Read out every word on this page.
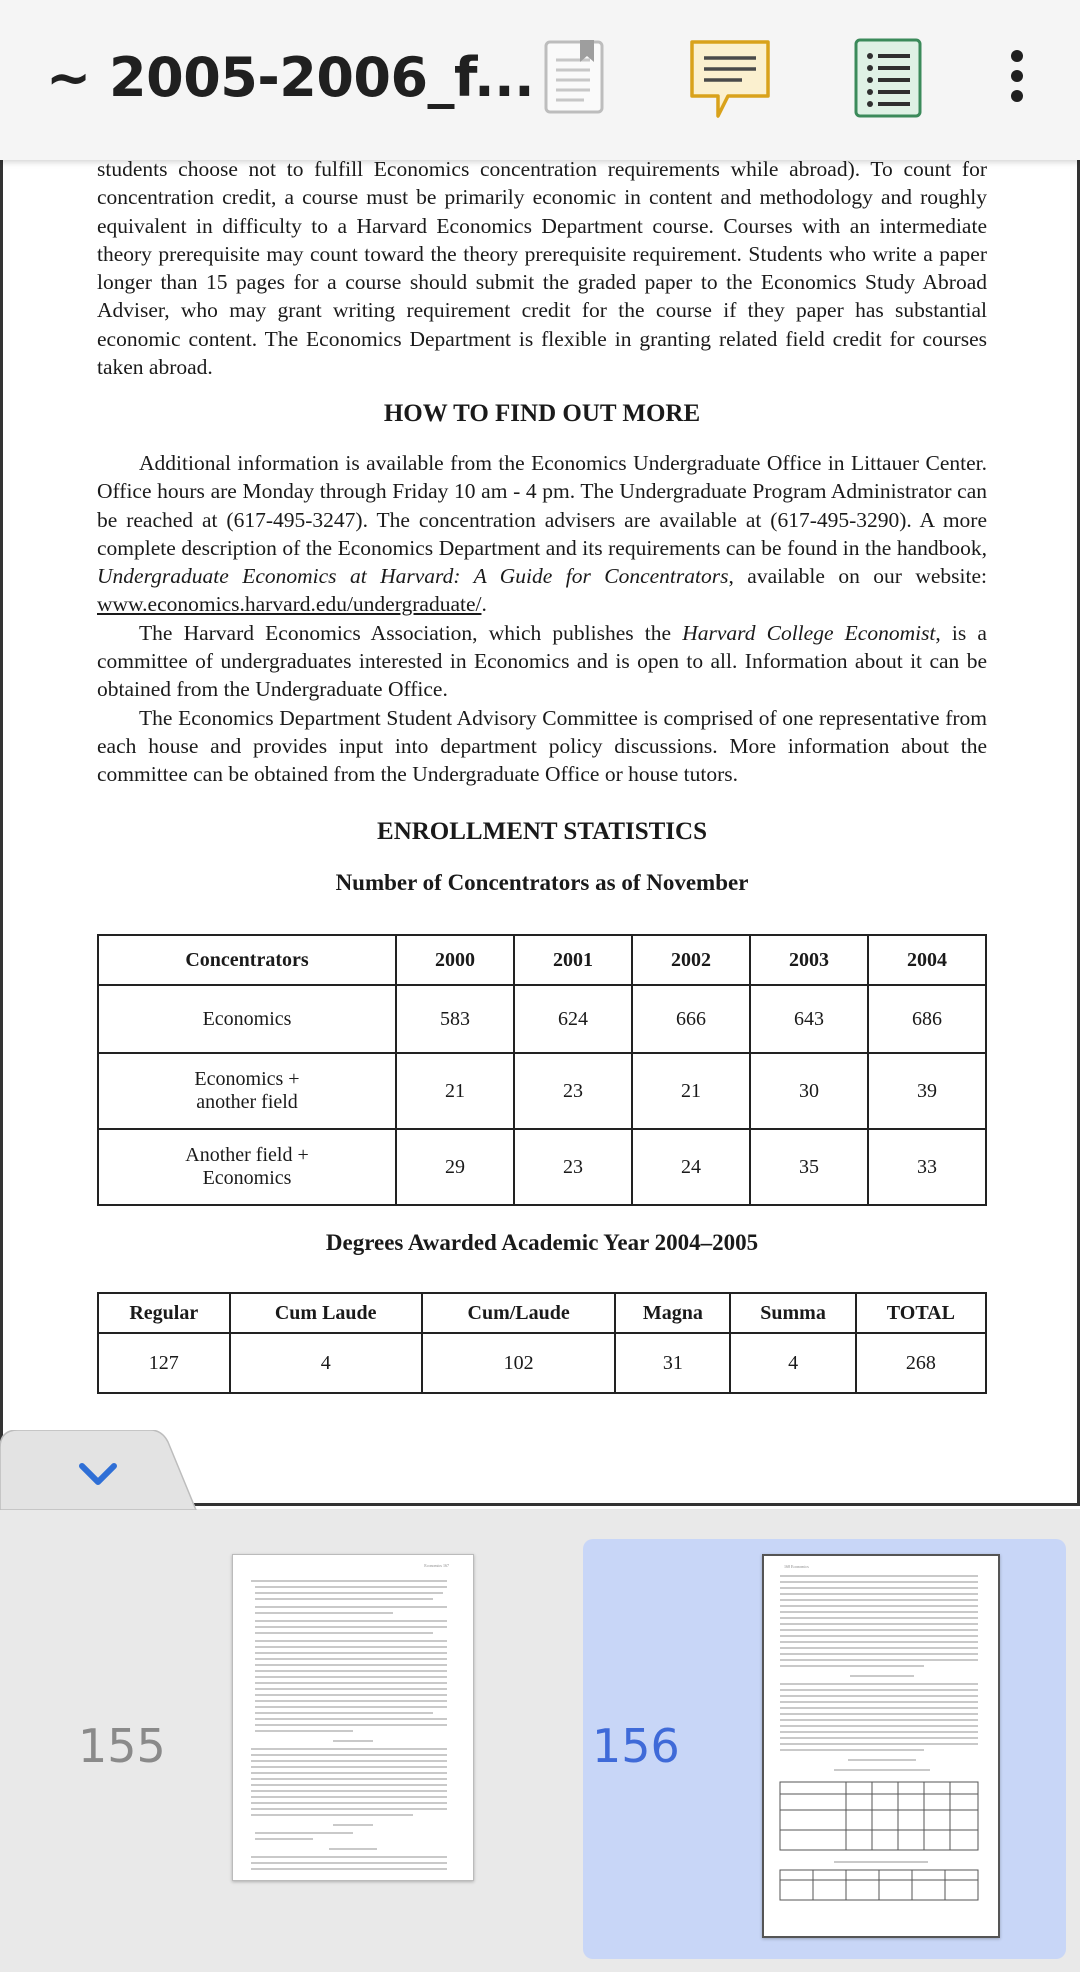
~ 2005-2006_f...

students choose not to fulfill Economics concentration requirements while abroad). To count for concentration credit, a course must be primarily economic in content and methodology and roughly equivalent in difficulty to a Harvard Economics Department course. Courses with an intermediate theory prerequisite may count toward the theory prerequisite requirement. Students who write a paper longer than 15 pages for a course should submit the graded paper to the Economics Study Abroad Adviser, who may grant writing requirement credit for the course if they paper has substantial economic content. The Economics Department is flexible in granting related field credit for courses taken abroad.

HOW TO FIND OUT MORE

Additional information is available from the Economics Undergraduate Office in Littauer Center. Office hours are Monday through Friday 10 am - 4 pm. The Undergraduate Program Administrator can be reached at (617-495-3247). The concentration advisers are available at (617-495-3290). A more complete description of the Economics Department and its requirements can be found in the handbook, Undergraduate Economics at Harvard: A Guide for Concentrators, available on our website: www.economics.harvard.edu/undergraduate/.

The Harvard Economics Association, which publishes the Harvard College Economist, is a committee of undergraduates interested in Economics and is open to all. Information about it can be obtained from the Undergraduate Office.

The Economics Department Student Advisory Committee is comprised of one representative from each house and provides input into department policy discussions. More information about the committee can be obtained from the Undergraduate Office or house tutors.

ENROLLMENT STATISTICS
Number of Concentrators as of November
Concentrators	2000	2001	2002	2003	2004
Economics	583	624	666	643	686
Economics +
another field	21	23	21	30	39
Another field +
Economics	29	23	24	35	33
Degrees Awarded Academic Year 2004–2005
Regular	Cum Laude	Cum/Laude	Magna	Summa	TOTAL
127	4	102	31	4	268
155
Economics 167
156
168 Economics
